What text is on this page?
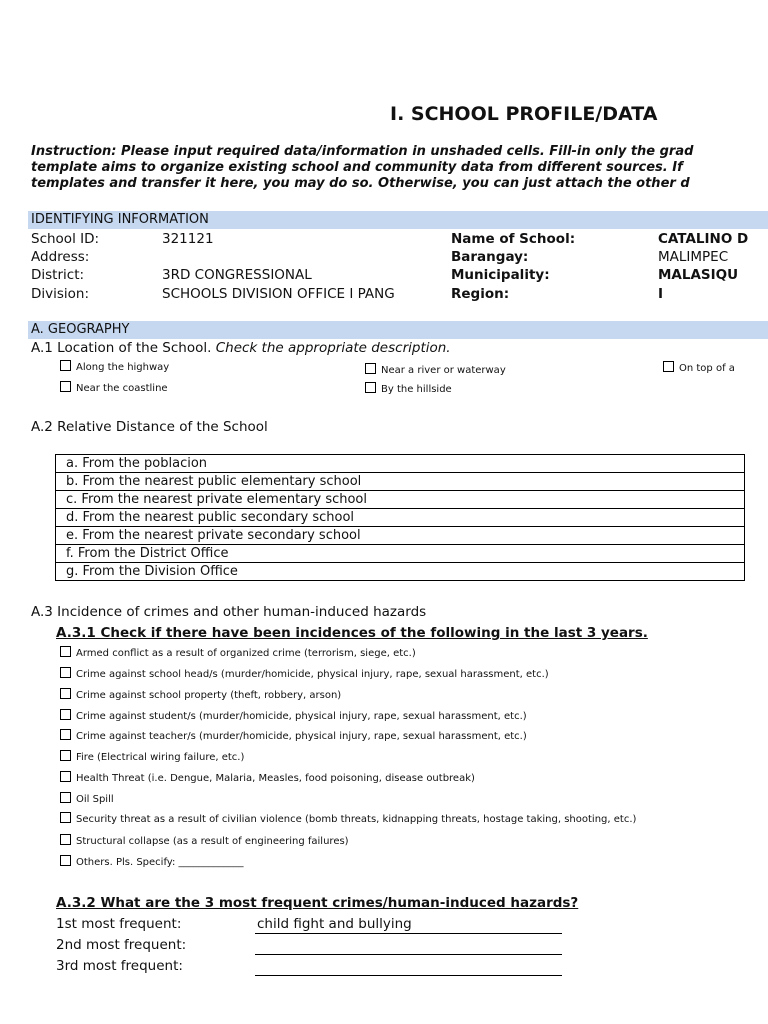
I. SCHOOL PROFILE/DATA
Instruction: Please input required data/information in unshaded cells. Fill-in only the grad
template aims to organize existing school and community data from different sources. If
templates and transfer it here, you may do so. Otherwise, you can just attach the other d
IDENTIFYING INFORMATION
School ID:	321121
Address:
District:	3RD CONGRESSIONAL
Division:	SCHOOLS DIVISION OFFICE I PANG
Name of School:	CATALINO D
Barangay:	MALIMPEC
Municipality:	MALASIQU
Region:	I
A. GEOGRAPHY
A.1 Location of the School. Check the appropriate description.
Along the highway
Near the coastline
Near a river or waterway
By the hillside
On top of a
A.2 Relative Distance of the School
a. From the poblacion
b. From the nearest public elementary school
c. From the nearest private elementary school
d. From the nearest public secondary school
e. From the nearest private secondary school
f. From the District Office
g. From the Division Office
A.3 Incidence of crimes and other human-induced hazards
A.3.1 Check if there have been incidences of the following in the last 3 years.
Armed conflict as a result of organized crime (terrorism, siege, etc.)
Crime against school head/s (murder/homicide, physical injury, rape, sexual harassment, etc.)
Crime against school property (theft, robbery, arson)
Crime against student/s (murder/homicide, physical injury, rape, sexual harassment, etc.)
Crime against teacher/s (murder/homicide, physical injury, rape, sexual harassment, etc.)
Fire (Electrical wiring failure, etc.)
Health Threat (i.e. Dengue, Malaria, Measles, food poisoning, disease outbreak)
Oil Spill
Security threat as a result of civilian violence (bomb threats, kidnapping threats, hostage taking, shooting, etc.)
Structural collapse (as a result of engineering failures)
Others. Pls. Specify: _____________
A.3.2 What are the 3 most frequent crimes/human-induced hazards?
1st most frequent:	child fight and bullying
2nd most frequent:
3rd most frequent:
